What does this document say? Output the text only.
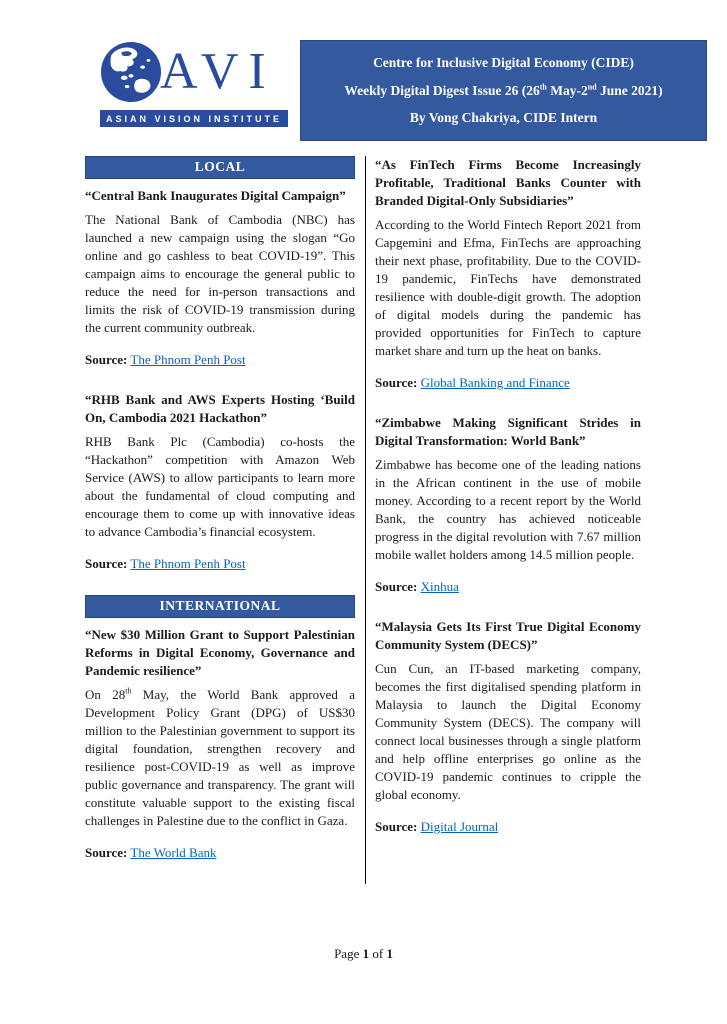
AVI
ASIAN VISION INSTITUTE
Centre for Inclusive Digital Economy (CIDE)
Weekly Digital Digest Issue 26 (26th May-2nd June 2021)
By Vong Chakriya, CIDE Intern
LOCAL
“Central Bank Inaugurates Digital Campaign”

The National Bank of Cambodia (NBC) has launched a new campaign using the slogan “Go online and go cashless to beat COVID-19”. This campaign aims to encourage the general public to reduce the need for in-person transactions and limits the risk of COVID-19 transmission during the current community outbreak.

Source: The Phnom Penh Post

“RHB Bank and AWS Experts Hosting ‘Build On, Cambodia 2021 Hackathon”

RHB Bank Plc (Cambodia) co-hosts the “Hackathon” competition with Amazon Web Service (AWS) to allow participants to learn more about the fundamental of cloud computing and encourage them to come up with innovative ideas to advance Cambodia’s financial ecosystem.

Source: The Phnom Penh Post

INTERNATIONAL
“New $30 Million Grant to Support Palestinian Reforms in Digital Economy, Governance and Pandemic resilience”

On 28th May, the World Bank approved a Development Policy Grant (DPG) of US$30 million to the Palestinian government to support its digital foundation, strengthen recovery and resilience post-COVID-19 as well as improve public governance and transparency. The grant will constitute valuable support to the existing fiscal challenges in Palestine due to the conflict in Gaza.

Source: The World Bank

“As FinTech Firms Become Increasingly Profitable, Traditional Banks Counter with Branded Digital-Only Subsidiaries”

According to the World Fintech Report 2021 from Capgemini and Efma, FinTechs are approaching their next phase, profitability. Due to the COVID-19 pandemic, FinTechs have demonstrated resilience with double-digit growth. The adoption of digital models during the pandemic has provided opportunities for FinTech to capture market share and turn up the heat on banks.

Source: Global Banking and Finance

“Zimbabwe Making Significant Strides in Digital Transformation: World Bank”

Zimbabwe has become one of the leading nations in the African continent in the use of mobile money. According to a recent report by the World Bank, the country has achieved noticeable progress in the digital revolution with 7.67 million mobile wallet holders among 14.5 million people.

Source: Xinhua

“Malaysia Gets Its First True Digital Economy Community System (DECS)”

Cun Cun, an IT-based marketing company, becomes the first digitalised spending platform in Malaysia to launch the Digital Economy Community System (DECS). The company will connect local businesses through a single platform and help offline enterprises go online as the COVID-19 pandemic continues to cripple the global economy.

Source: Digital Journal

Page 1 of 1
